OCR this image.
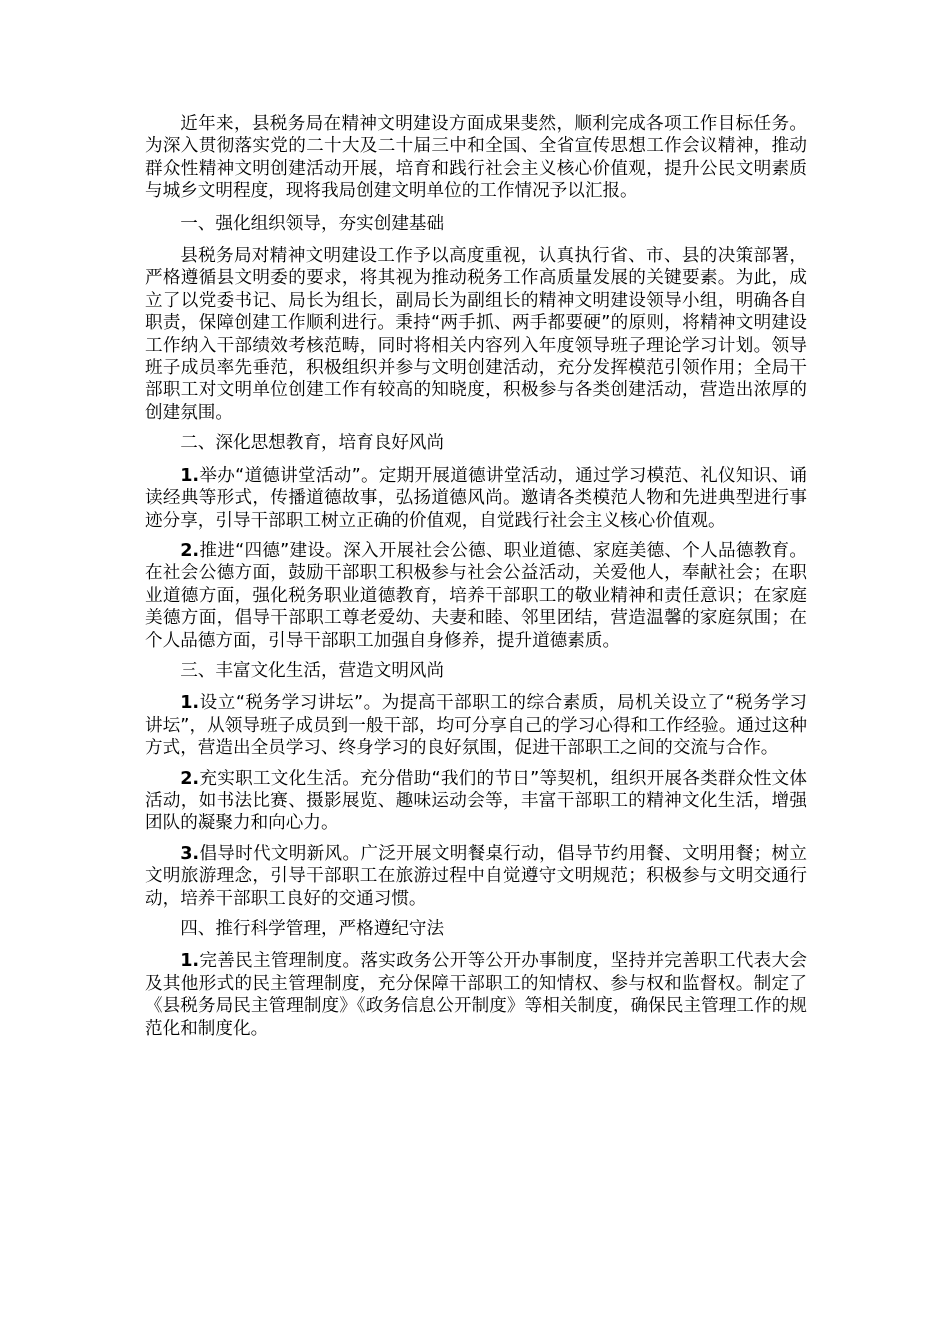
近年来，县税务局在精神文明建设方面成果斐然，顺利完成各项工作目标任务。为深入贯彻落实党的二十大及二十届三中和全国、全省宣传思想工作会议精神，推动群众性精神文明创建活动开展，培育和践行社会主义核心价值观，提升公民文明素质与城乡文明程度，现将我局创建文明单位的工作情况予以汇报。

一、强化组织领导，夯实创建基础

县税务局对精神文明建设工作予以高度重视，认真执行省、市、县的决策部署，严格遵循县文明委的要求，将其视为推动税务工作高质量发展的关键要素。为此，成立了以党委书记、局长为组长，副局长为副组长的精神文明建设领导小组，明确各自职责，保障创建工作顺利进行。秉持“两手抓、两手都要硬”的原则，将精神文明建设工作纳入干部绩效考核范畴，同时将相关内容列入年度领导班子理论学习计划。领导班子成员率先垂范，积极组织并参与文明创建活动，充分发挥模范引领作用；全局干部职工对文明单位创建工作有较高的知晓度，积极参与各类创建活动，营造出浓厚的创建氛围。

二、深化思想教育，培育良好风尚

1.举办“道德讲堂活动”。定期开展道德讲堂活动，通过学习模范、礼仪知识、诵读经典等形式，传播道德故事，弘扬道德风尚。邀请各类模范人物和先进典型进行事迹分享，引导干部职工树立正确的价值观，自觉践行社会主义核心价值观。

2.推进“四德”建设。深入开展社会公德、职业道德、家庭美德、个人品德教育。在社会公德方面，鼓励干部职工积极参与社会公益活动，关爱他人，奉献社会；在职业道德方面，强化税务职业道德教育，培养干部职工的敬业精神和责任意识；在家庭美德方面，倡导干部职工尊老爱幼、夫妻和睦、邻里团结，营造温馨的家庭氛围；在个人品德方面，引导干部职工加强自身修养，提升道德素质。

三、丰富文化生活，营造文明风尚

1.设立“税务学习讲坛”。为提高干部职工的综合素质，局机关设立了“税务学习讲坛”，从领导班子成员到一般干部，均可分享自己的学习心得和工作经验。通过这种方式，营造出全员学习、终身学习的良好氛围，促进干部职工之间的交流与合作。

2.充实职工文化生活。充分借助“我们的节日”等契机，组织开展各类群众性文体活动，如书法比赛、摄影展览、趣味运动会等，丰富干部职工的精神文化生活，增强团队的凝聚力和向心力。

3.倡导时代文明新风。广泛开展文明餐桌行动，倡导节约用餐、文明用餐；树立文明旅游理念，引导干部职工在旅游过程中自觉遵守文明规范；积极参与文明交通行动，培养干部职工良好的交通习惯。

四、推行科学管理，严格遵纪守法

1.完善民主管理制度。落实政务公开等公开办事制度，坚持并完善职工代表大会及其他形式的民主管理制度，充分保障干部职工的知情权、参与权和监督权。制定了《县税务局民主管理制度》《政务信息公开制度》等相关制度，确保民主管理工作的规范化和制度化。
